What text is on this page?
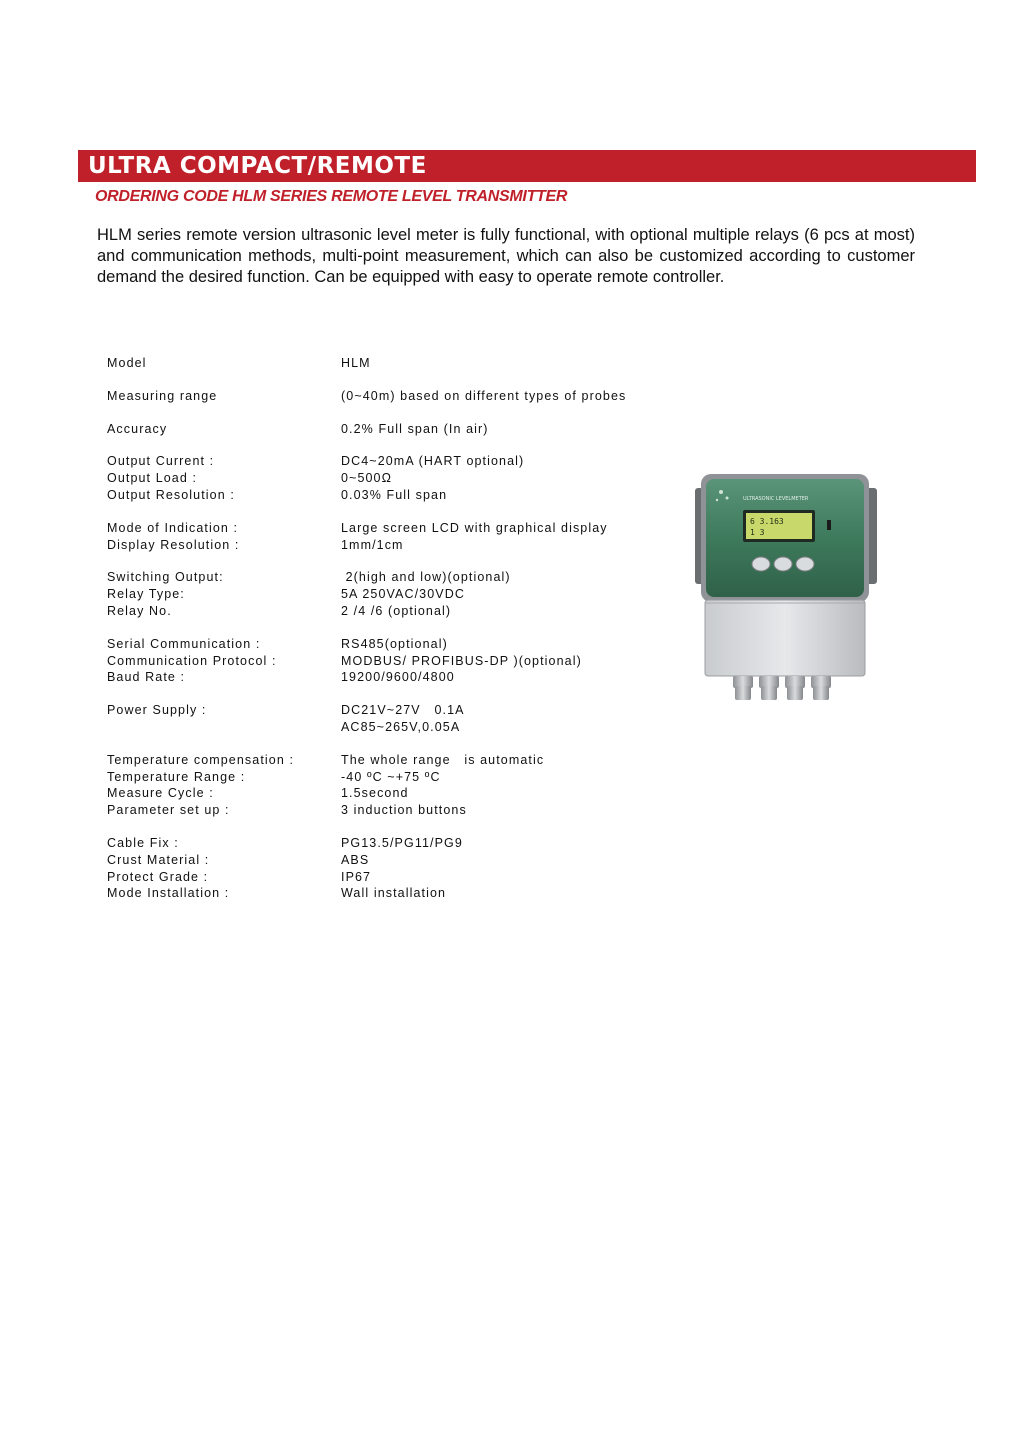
ULTRA COMPACT/REMOTE
ORDERING CODE HLM SERIES REMOTE LEVEL TRANSMITTER
HLM series remote version ultrasonic level meter is fully functional, with optional multiple relays (6 pcs at most) and communication methods, multi-point measurement, which can also be customized according to customer demand the desired function. Can be equipped with easy to operate remote controller.
Model	HLM
Measuring range	(0~40m) based on different types of probes
Accuracy	0.2% Full span (In air)
Output Current :	DC4~20mA (HART optional)
Output Load :	0~500Ω
Output Resolution :	0.03% Full span
Mode of Indication :	Large screen LCD with graphical display
Display Resolution :	1mm/1cm
Switching Output:	2(high and low)(optional)
Relay Type:	5A 250VAC/30VDC
Relay No.	2 /4 /6 (optional)
Serial Communication :	RS485(optional)
Communication Protocol :	MODBUS/ PROFIBUS-DP )(optional)
Baud Rate :	19200/9600/4800
Power Supply :	DC21V~27V   0.1A
AC85~265V,0.05A
Temperature compensation :	The whole range   is automatic
Temperature Range :	-40 ºC ~+75 ºC
Measure Cycle :	1.5second
Parameter set up :	3 induction buttons
Cable Fix :	PG13.5/PG11/PG9
Crust Material :	ABS
Protect Grade :	IP67
Mode Installation :	Wall installation
ULTRASONIC LEVELMETER
6 3.163
1 3
